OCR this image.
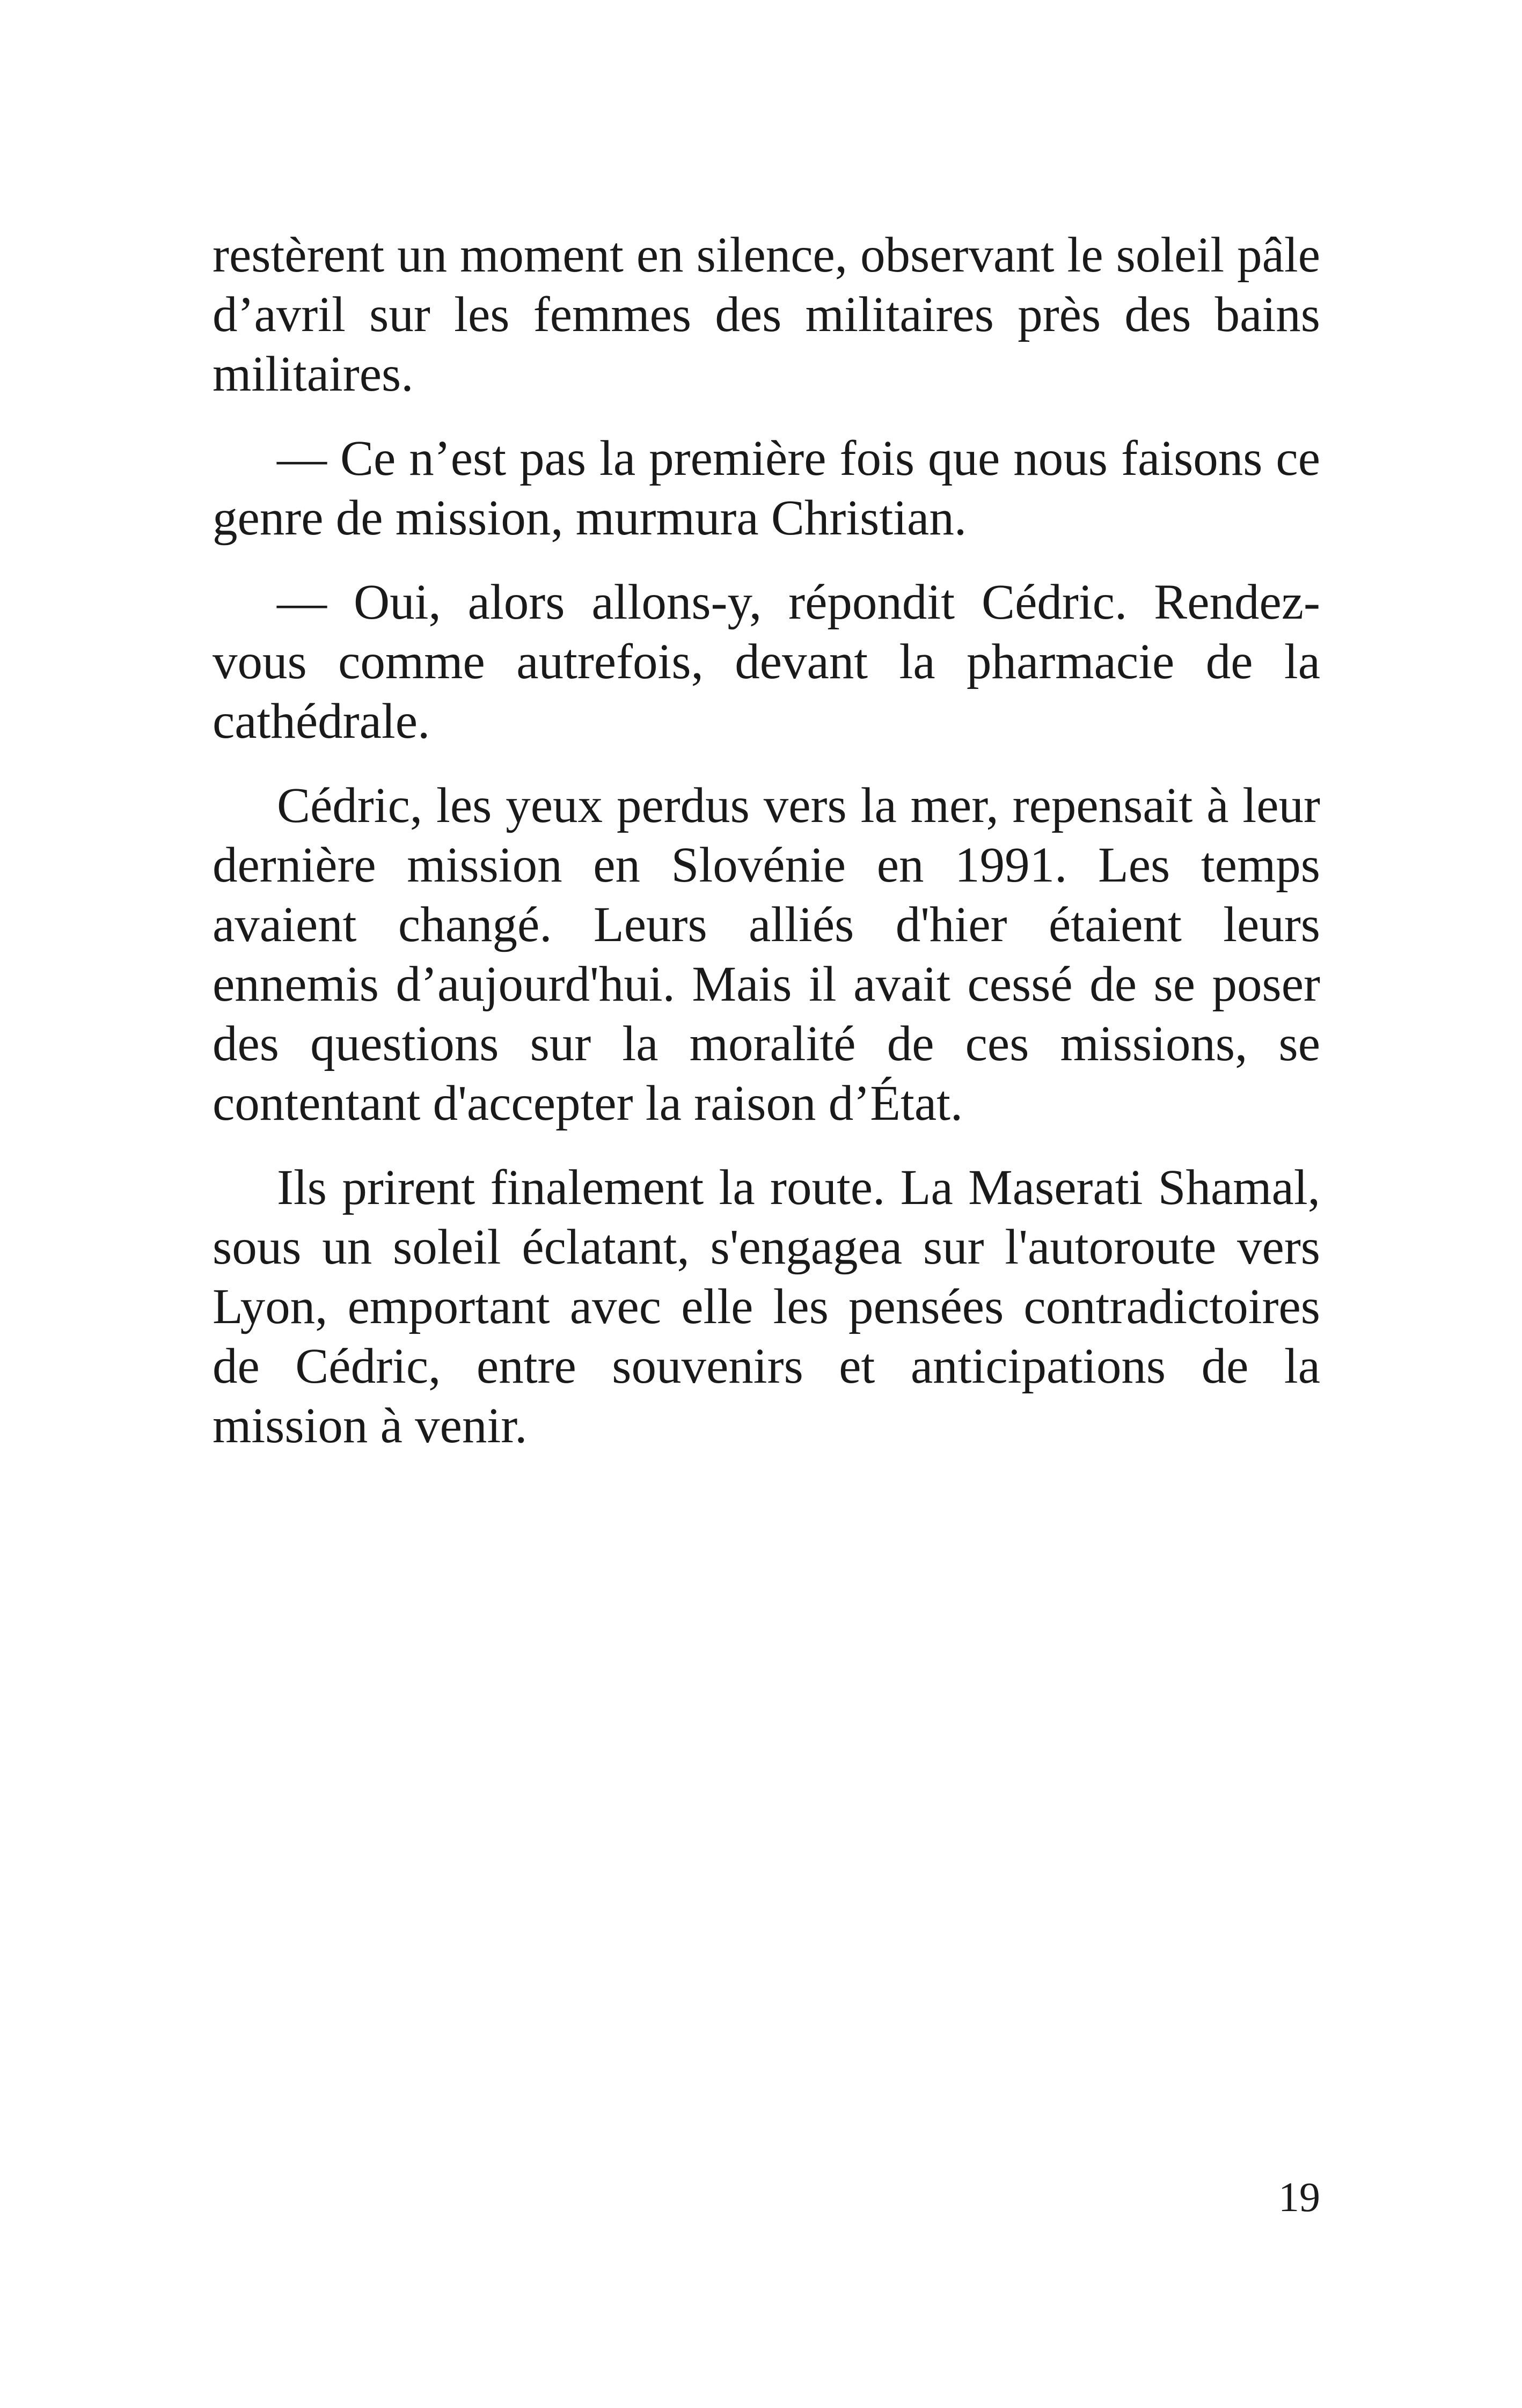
restèrent un moment en silence, observant le soleil pâle d’avril sur les femmes des militaires près des bains militaires.

— Ce n’est pas la première fois que nous faisons ce genre de mission, murmura Christian.

— Oui, alors allons-y, répondit Cédric. Rendez-vous comme autrefois, devant la pharmacie de la cathédrale.

Cédric, les yeux perdus vers la mer, repensait à leur dernière mission en Slovénie en 1991. Les temps avaient changé. Leurs alliés d'hier étaient leurs ennemis d’aujourd'hui. Mais il avait cessé de se poser des questions sur la moralité de ces missions, se contentant d'accepter la raison d’État.

Ils prirent finalement la route. La Maserati Shamal, sous un soleil éclatant, s'engagea sur l'autoroute vers Lyon, emportant avec elle les pensées contradictoires de Cédric, entre souvenirs et anticipations de la mission à venir.

19
